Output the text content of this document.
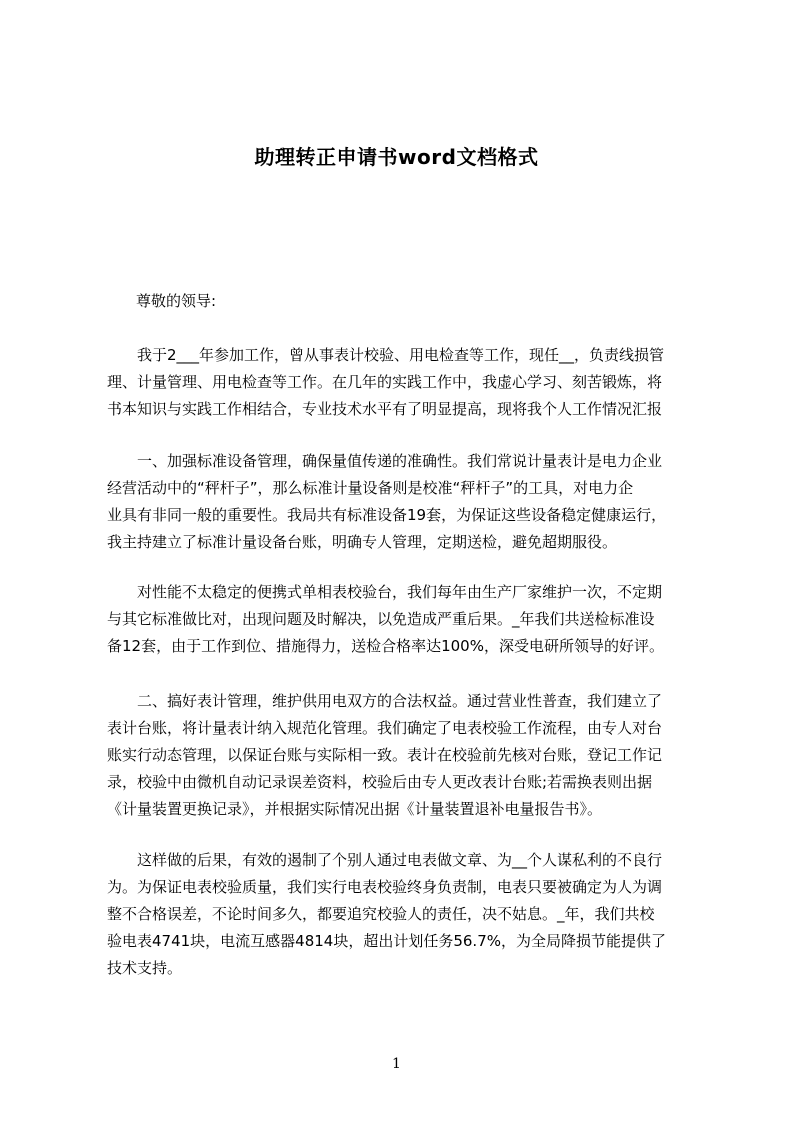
助理转正申请书word文档格式

尊敬的领导:

我于2___年参加工作，曾从事表计校验、用电检查等工作，现任__，负责线损管
理、计量管理、用电检查等工作。在几年的实践工作中，我虚心学习、刻苦锻炼，将
书本知识与实践工作相结合，专业技术水平有了明显提高，现将我个人工作情况汇报

一、加强标准设备管理，确保量值传递的准确性。我们常说计量表计是电力企业
经营活动中的“秤杆子”，那么标准计量设备则是校准“秤杆子”的工具，对电力企
业具有非同一般的重要性。我局共有标准设备19套，为保证这些设备稳定健康运行，
我主持建立了标准计量设备台账，明确专人管理，定期送检，避免超期服役。

对性能不太稳定的便携式单相表校验台，我们每年由生产厂家维护一次，不定期
与其它标准做比对，出现问题及时解决，以免造成严重后果。_年我们共送检标准设
备12套，由于工作到位、措施得力，送检合格率达100%，深受电研所领导的好评。

二、搞好表计管理，维护供用电双方的合法权益。通过营业性普查，我们建立了
表计台账，将计量表计纳入规范化管理。我们确定了电表校验工作流程，由专人对台
账实行动态管理，以保证台账与实际相一致。表计在校验前先核对台账，登记工作记
录，校验中由微机自动记录误差资料，校验后由专人更改表计台账;若需换表则出据
《计量装置更换记录》，并根据实际情况出据《计量装置退补电量报告书》。

这样做的后果，有效的遏制了个别人通过电表做文章、为__个人谋私利的不良行
为。为保证电表校验质量，我们实行电表校验终身负责制，电表只要被确定为人为调
整不合格误差，不论时间多久，都要追究校验人的责任，决不姑息。_年，我们共校
验电表4741块，电流互感器4814块，超出计划任务56.7%，为全局降损节能提供了
技术支持。

1
